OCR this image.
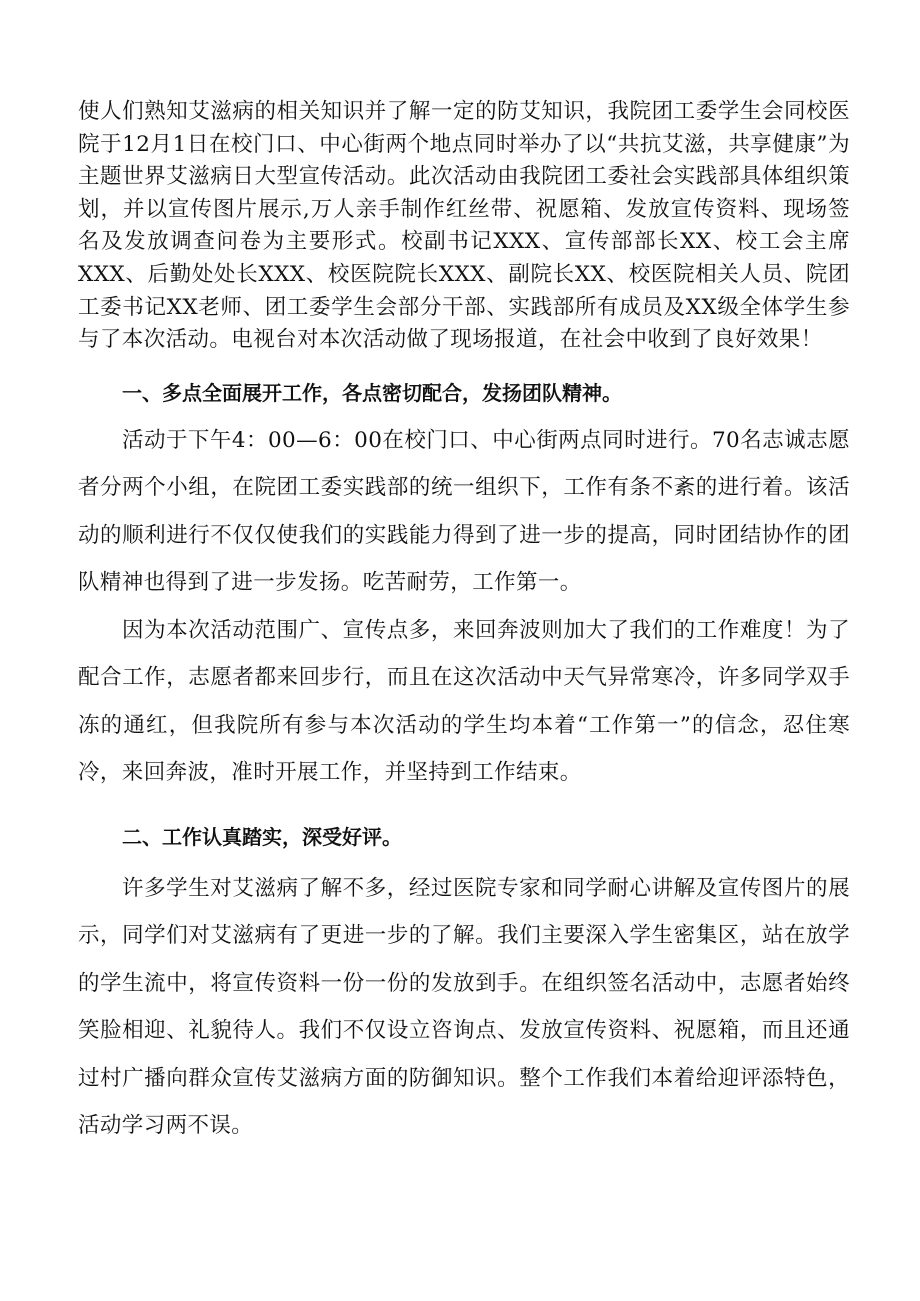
使人们熟知艾滋病的相关知识并了解一定的防艾知识，我院团工委学生会同校医院于12月1日在校门口、中心街两个地点同时举办了以“共抗艾滋，共享健康”为主题世界艾滋病日大型宣传活动。此次活动由我院团工委社会实践部具体组织策划，并以宣传图片展示,万人亲手制作红丝带、祝愿箱、发放宣传资料、现场签名及发放调查问卷为主要形式。校副书记XXX、宣传部部长XX、校工会主席XXX、后勤处处长XXX、校医院院长XXX、副院长XX、校医院相关人员、院团工委书记XX老师、团工委学生会部分干部、实践部所有成员及XX级全体学生参与了本次活动。电视台对本次活动做了现场报道，在社会中收到了良好效果！

一、多点全面展开工作，各点密切配合，发扬团队精神。

活动于下午4：00—6：00在校门口、中心街两点同时进行。70名志诚志愿者分两个小组，在院团工委实践部的统一组织下，工作有条不紊的进行着。该活动的顺利进行不仅仅使我们的实践能力得到了进一步的提高，同时团结协作的团队精神也得到了进一步发扬。吃苦耐劳，工作第一。

因为本次活动范围广、宣传点多，来回奔波则加大了我们的工作难度！为了配合工作，志愿者都来回步行，而且在这次活动中天气异常寒冷，许多同学双手冻的通红，但我院所有参与本次活动的学生均本着“工作第一”的信念，忍住寒冷，来回奔波，准时开展工作，并坚持到工作结束。

二、工作认真踏实，深受好评。

许多学生对艾滋病了解不多，经过医院专家和同学耐心讲解及宣传图片的展示，同学们对艾滋病有了更进一步的了解。我们主要深入学生密集区，站在放学的学生流中，将宣传资料一份一份的发放到手。在组织签名活动中，志愿者始终笑脸相迎、礼貌待人。我们不仅设立咨询点、发放宣传资料、祝愿箱，而且还通过村广播向群众宣传艾滋病方面的防御知识。整个工作我们本着给迎评添特色，活动学习两不误。
